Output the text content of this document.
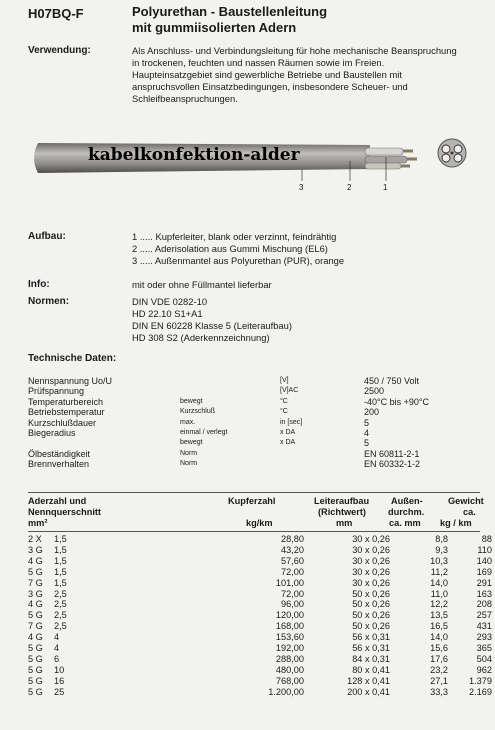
H07BQ-F	Polyurethan - Baustellenleitung
mit gummiisolierten Adern
Verwendung:	Als Anschluss- und Verbindungsleitung für hohe mechanische Beanspruchung
in trockenen, feuchten und nassen Räumen sowie im Freien.
Haupteinsatzgebiet sind gewerbliche Betriebe und Baustellen mit
anspruchsvollen Einsatzbedingungen, insbesondere Scheuer- und
Schleifbeanspruchungen.
kabelkonfektion-alder
3	2	1
Aufbau:	1 ..... Kupferleiter, blank oder verzinnt, feindrähtig
2 ..... Aderisolation aus Gummi Mischung (EL6)
3 ..... Außenmantel aus Polyurethan (PUR), orange
Info:	mit oder ohne Füllmantel lieferbar
Normen:	DIN VDE 0282-10
HD 22.10 S1+A1
DIN EN 60228 Klasse 5 (Leiteraufbau)
HD 308 S2 (Aderkennzeichnung)
Technische Daten:
Nennspannung Uo/U	[V]	450 / 750 Volt
Prüfspannung	[V]AC	2500
Temperaturbereich	bewegt	°C	-40°C bis +90°C
Betriebstemperatur	Kurzschluß	°C	200
Kurzschlußdauer	max.	in [sec]	5
Biegeradius	einmal / verlegt	x DA	4
bewegt	x DA	5
Ölbeständigkeit	Norm	EN 60811-2-1
Brennverhalten	Norm	EN 60332-1-2
Aderzahl und
Nennquerschnitt
mm²
Kupferzahl
kg/km
Leiteraufbau
(Richtwert)
mm
Außen-
durchm.
ca. mm
Gewicht
ca.
kg / km
2 X	1,5	28,80	30 x 0,26	8,8	88
3 G	1,5	43,20	30 x 0,26	9,3	110
4 G	1,5	57,60	30 x 0,26	10,3	140
5 G	1,5	72,00	30 x 0,26	11,2	169
7 G	1,5	101,00	30 x 0,26	14,0	291
3 G	2,5	72,00	50 x 0,26	11,0	163
4 G	2,5	96,00	50 x 0,26	12,2	208
5 G	2,5	120,00	50 x 0,26	13,5	257
7 G	2,5	168,00	50 x 0,26	16,5	431
4 G	4	153,60	56 x 0,31	14,0	293
5 G	4	192,00	56 x 0,31	15,6	365
5 G	6	288,00	84 x 0,31	17,6	504
5 G	10	480,00	80 x 0,41	23,2	962
5 G	16	768,00	128 x 0,41	27,1	1.379
5 G	25	1.200,00	200 x 0,41	33,3	2.169
